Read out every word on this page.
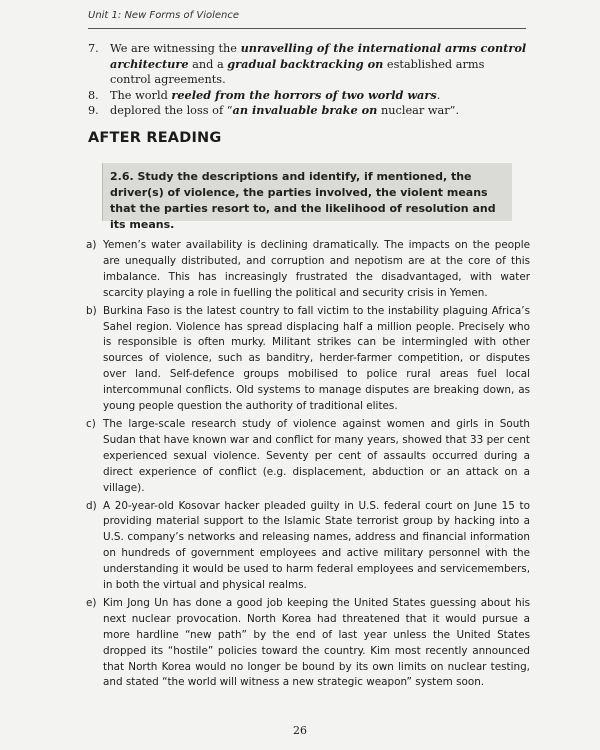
Unit 1: New Forms of Violence
7. We are witnessing the unravelling of the international arms control architecture and a gradual backtracking on established arms control agreements.
8. The world reeled from the horrors of two world wars.
9. deplored the loss of “an invaluable brake on nuclear war”.
AFTER READING
2.6. Study the descriptions and identify, if mentioned, the driver(s) of violence, the parties involved, the violent means that the parties resort to, and the likelihood of resolution and its means.
a) Yemen’s water availability is declining dramatically. The impacts on the people are unequally distributed, and corruption and nepotism are at the core of this imbalance. This has increasingly frustrated the disadvantaged, with water scarcity playing a role in fuelling the political and security crisis in Yemen.
b) Burkina Faso is the latest country to fall victim to the instability plaguing Africa’s Sahel region. Violence has spread displacing half a million people. Precisely who is responsible is often murky. Militant strikes can be intermingled with other sources of violence, such as banditry, herder-farmer competition, or disputes over land. Self-defence groups mobilised to police rural areas fuel local intercommunal conflicts. Old systems to manage disputes are breaking down, as young people question the authority of traditional elites.
c) The large-scale research study of violence against women and girls in South Sudan that have known war and conflict for many years, showed that 33 per cent experienced sexual violence. Seventy per cent of assaults occurred during a direct experience of conflict (e.g. displacement, abduction or an attack on a village).
d) A 20-year-old Kosovar hacker pleaded guilty in U.S. federal court on June 15 to providing material support to the Islamic State terrorist group by hacking into a U.S. company’s networks and releasing names, address and financial information on hundreds of government employees and active military personnel with the understanding it would be used to harm federal employees and servicemembers, in both the virtual and physical realms.
e) Kim Jong Un has done a good job keeping the United States guessing about his next nuclear provocation. North Korea had threatened that it would pursue a more hardline “new path” by the end of last year unless the United States dropped its “hostile” policies toward the country. Kim most recently announced that North Korea would no longer be bound by its own limits on nuclear testing, and stated “the world will witness a new strategic weapon” system soon.
26
